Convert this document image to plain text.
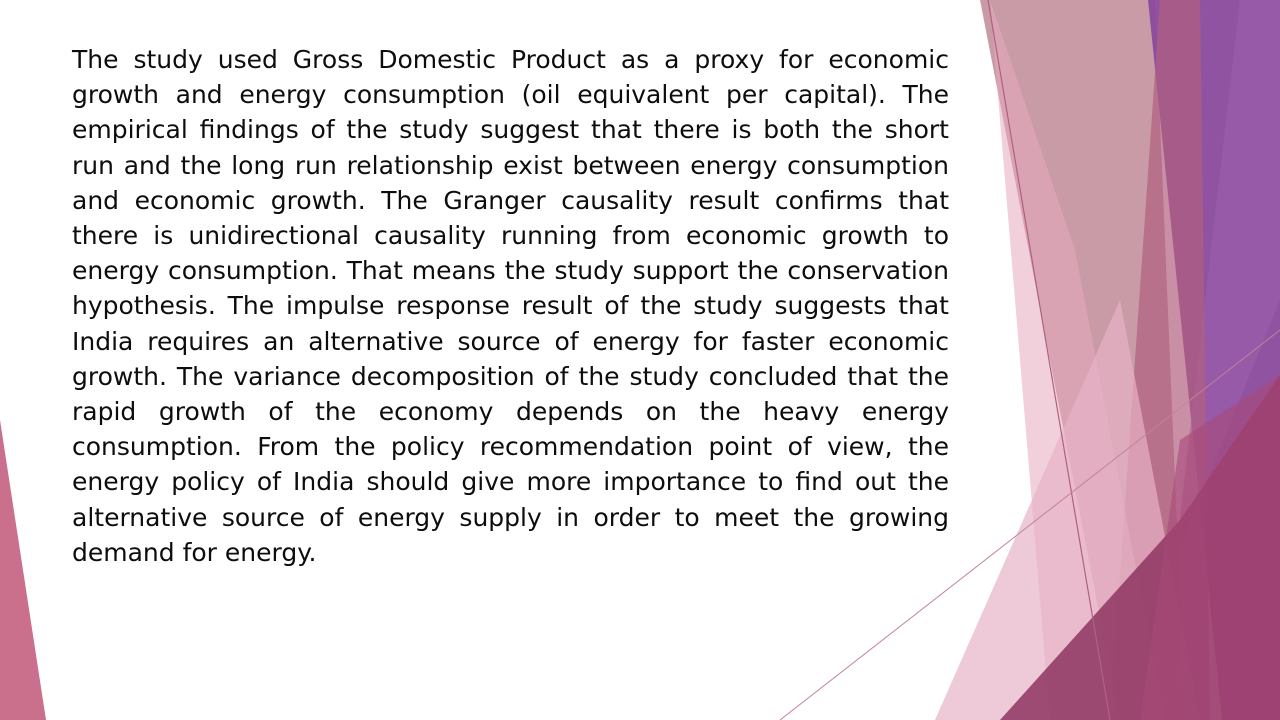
The study used Gross Domestic Product as a proxy for economic growth and energy consumption (oil equivalent per capital). The empirical findings of the study suggest that there is both the short run and the long run relationship exist between energy consumption and economic growth. The Granger causality result confirms that there is unidirectional causality running from economic growth to energy consumption. That means the study support the conservation hypothesis. The impulse response result of the study suggests that India requires an alternative source of energy for faster economic growth. The variance decomposition of the study concluded that the rapid growth of the economy depends on the heavy energy consumption. From the policy recommendation point of view, the energy policy of India should give more importance to find out the alternative source of energy supply in order to meet the growing demand for energy.
